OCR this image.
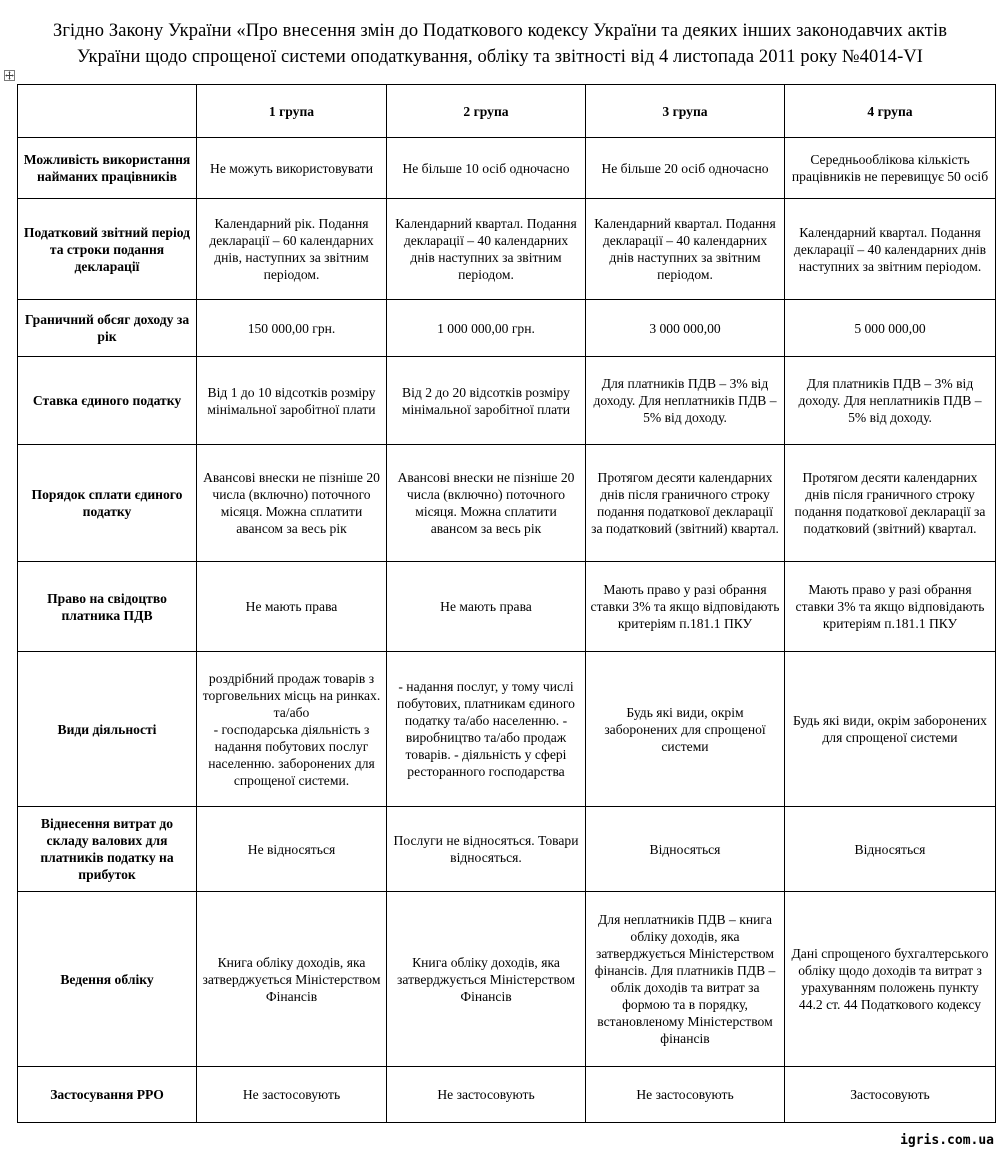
Згідно Закону України «Про внесення змін до Податкового кодексу України та деяких інших законодавчих актів
України щодо спрощеної системи оподаткування, обліку та звітності від 4 листопада 2011 року №4014-VI
	1 група	2 група	3 група	4 група
Можливість використання найманих працівників	Не можуть використовувати	Не більше 10 осіб одночасно	Не більше 20 осіб одночасно	Середньооблікова кількість працівників не перевищує 50 осіб
Податковий звітний період та строки подання декларації	Календарний рік. Подання декларації – 60 календарних днів, наступних за звітним періодом.	Календарний квартал. Подання декларації – 40 календарних днів наступних за звітним періодом.	Календарний квартал. Подання декларації – 40 календарних днів наступних за звітним періодом.	Календарний квартал. Подання декларації – 40 календарних днів наступних за звітним періодом.
Граничний обсяг доходу за рік	150 000,00 грн.	1 000 000,00 грн.	3 000 000,00	5 000 000,00
Ставка єдиного податку	Від 1 до 10 відсотків розміру мінімальної заробітної плати	Від 2 до 20 відсотків розміру мінімальної заробітної плати	Для платників ПДВ – 3% від доходу. Для неплатників ПДВ – 5% від доходу.	Для платників ПДВ – 3% від доходу. Для неплатників ПДВ – 5% від доходу.
Порядок сплати єдиного податку	Авансові внески не пізніше 20 числа (включно) поточного місяця. Можна сплатити авансом за весь рік	Авансові внески не пізніше 20 числа (включно) поточного місяця. Можна сплатити авансом за весь рік	Протягом десяти календарних днів після граничного строку подання податкової декларації за податковий (звітний) квартал.	Протягом десяти календарних днів після граничного строку подання податкової декларації за податковий (звітний) квартал.
Право на свідоцтво платника ПДВ	Не мають права	Не мають права	Мають право у разі обрання ставки 3% та якщо відповідають критеріям п.181.1 ПКУ	Мають право у разі обрання ставки 3% та якщо відповідають критеріям п.181.1 ПКУ
Види діяльності	роздрібний продаж товарів з торговельних місць на ринках.
та/або
- господарська діяльність з надання побутових послуг населенню. заборонених для спрощеної системи.	- надання послуг, у тому числі побутових, платникам єдиного податку та/або населенню. - виробництво та/або продаж товарів. - діяльність у сфері ресторанного господарства	Будь які види, окрім заборонених для спрощеної системи	Будь які види, окрім заборонених для спрощеної системи
Віднесення витрат до складу валових для платників податку на прибуток	Не відносяться	Послуги не відносяться. Товари відносяться.	Відносяться	Відносяться
Ведення обліку	Книга обліку доходів, яка затверджується Міністерством Фінансів	Книга обліку доходів, яка затверджується Міністерством Фінансів	Для неплатників ПДВ – книга обліку доходів, яка затверджується Міністерством фінансів. Для платників ПДВ – облік доходів та витрат за формою та в порядку, встановленому Міністерством фінансів	Дані спрощеного бухгалтерського обліку щодо доходів та витрат з урахуванням положень пункту 44.2 ст. 44 Податкового кодексу
Застосування РРО	Не застосовують	Не застосовують	Не застосовують	Застосовують
igris.com.ua
